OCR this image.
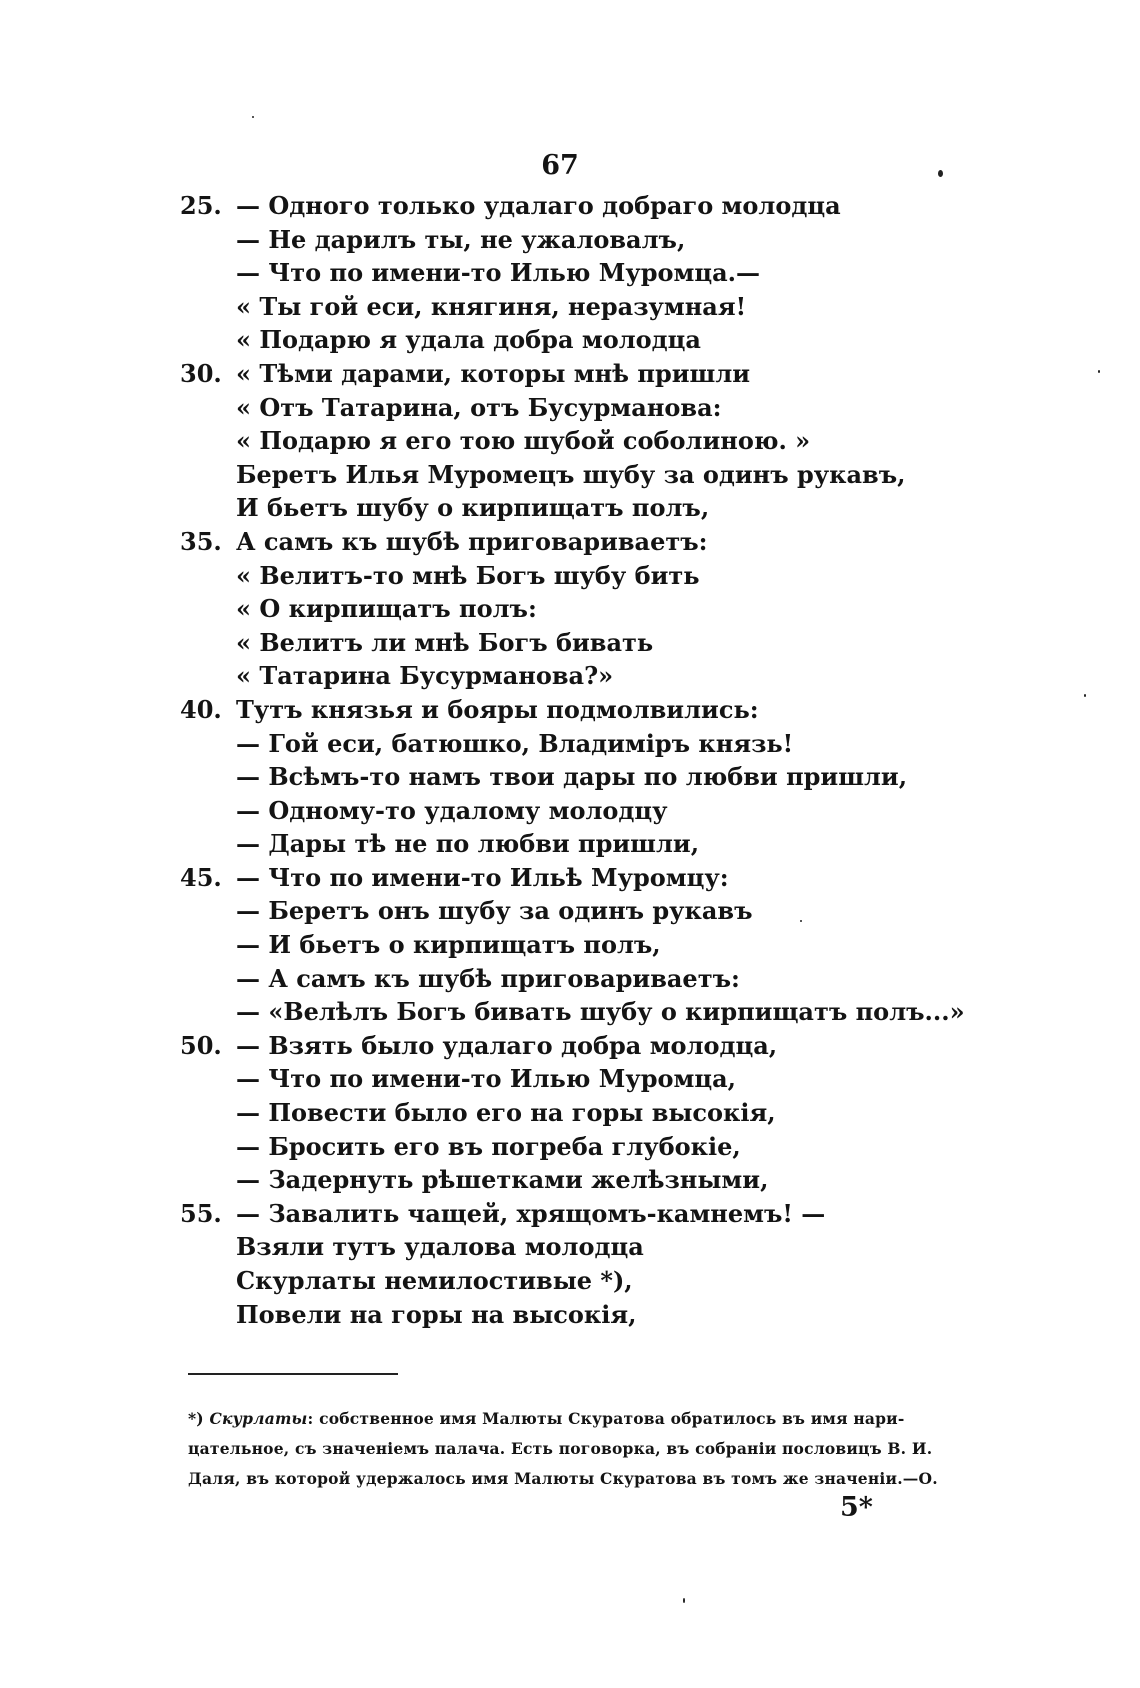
67
25. — Одного только удалаго добраго молодца
— Не дарилъ ты, не ужаловалъ,
— Что по имени-то Илью Муромца.—
« Ты гой еси, княгиня, неразумная!
« Подарю я удала добра молодца
30. « Тѣми дарами, которы мнѣ пришли
« Отъ Татарина, отъ Бусурманова:
« Подарю я его тою шубой соболиною. »
Беретъ Илья Муромецъ шубу за одинъ рукавъ,
И бьетъ шубу о кирпищатъ полъ,
35. А самъ къ шубѣ приговариваетъ:
« Велитъ-то мнѣ Богъ шубу бить
« О кирпищатъ полъ:
« Велитъ ли мнѣ Богъ бивать
« Татарина Бусурманова?»
40. Тутъ князья и бояры подмолвились:
— Гой еси, батюшко, Владимiръ князь!
— Всѣмъ-то намъ твои дары по любви пришли,
— Одному-то удалому молодцу
— Дары тѣ не по любви пришли,
45. — Что по имени-то Ильѣ Муромцу:
— Беретъ онъ шубу за одинъ рукавъ
— И бьетъ о кирпищатъ полъ,
— А самъ къ шубѣ приговариваетъ:
— «Велѣлъ Богъ бивать шубу о кирпищатъ полъ...»
50. — Взять было удалаго добра молодца,
— Что по имени-то Илью Муромца,
— Повести было его на горы высокiя,
— Бросить его въ погреба глубокiе,
— Задернуть рѣшетками желѣзными,
55. — Завалить чащей, хрящомъ-камнемъ! —
Взяли тутъ удалова молодца
Скурлаты немилостивые *),
Повели на горы на высокiя,
*) Скурлаты: собственное имя Малюты Скуратова обратилось въ имя нари-
цательное, съ значенiемъ палача. Есть поговорка, въ собранiи пословицъ В. И.
Даля, въ которой удержалось имя Малюты Скуратова въ томъ же значенiи.—О.
5*
